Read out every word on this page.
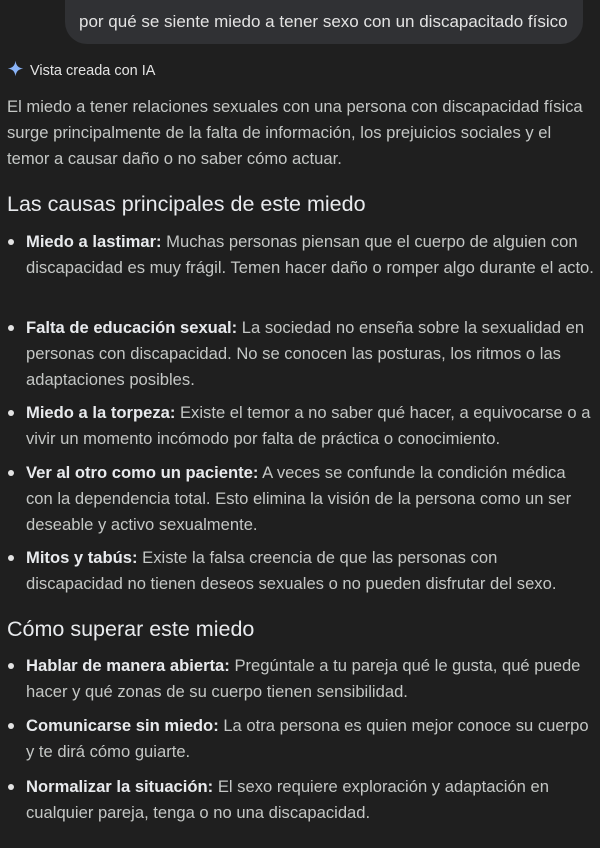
por qué se siente miedo a tener sexo con un discapacitado físico
Vista creada con IA

El miedo a tener relaciones sexuales con una persona con discapacidad física surge principalmente de la falta de información, los prejuicios sociales y el temor a causar daño o no saber cómo actuar.

Las causas principales de este miedo
Miedo a lastimar: Muchas personas piensan que el cuerpo de alguien con discapacidad es muy frágil. Temen hacer daño o romper algo durante el acto.
Falta de educación sexual: La sociedad no enseña sobre la sexualidad en personas con discapacidad. No se conocen las posturas, los ritmos o las adaptaciones posibles.
Miedo a la torpeza: Existe el temor a no saber qué hacer, a equivocarse o a vivir un momento incómodo por falta de práctica o conocimiento.
Ver al otro como un paciente: A veces se confunde la condición médica con la dependencia total. Esto elimina la visión de la persona como un ser deseable y activo sexualmente.
Mitos y tabús: Existe la falsa creencia de que las personas con discapacidad no tienen deseos sexuales o no pueden disfrutar del sexo.
Cómo superar este miedo
Hablar de manera abierta: Pregúntale a tu pareja qué le gusta, qué puede hacer y qué zonas de su cuerpo tienen sensibilidad.
Comunicarse sin miedo: La otra persona es quien mejor conoce su cuerpo y te dirá cómo guiarte.
Normalizar la situación: El sexo requiere exploración y adaptación en cualquier pareja, tenga o no una discapacidad.
